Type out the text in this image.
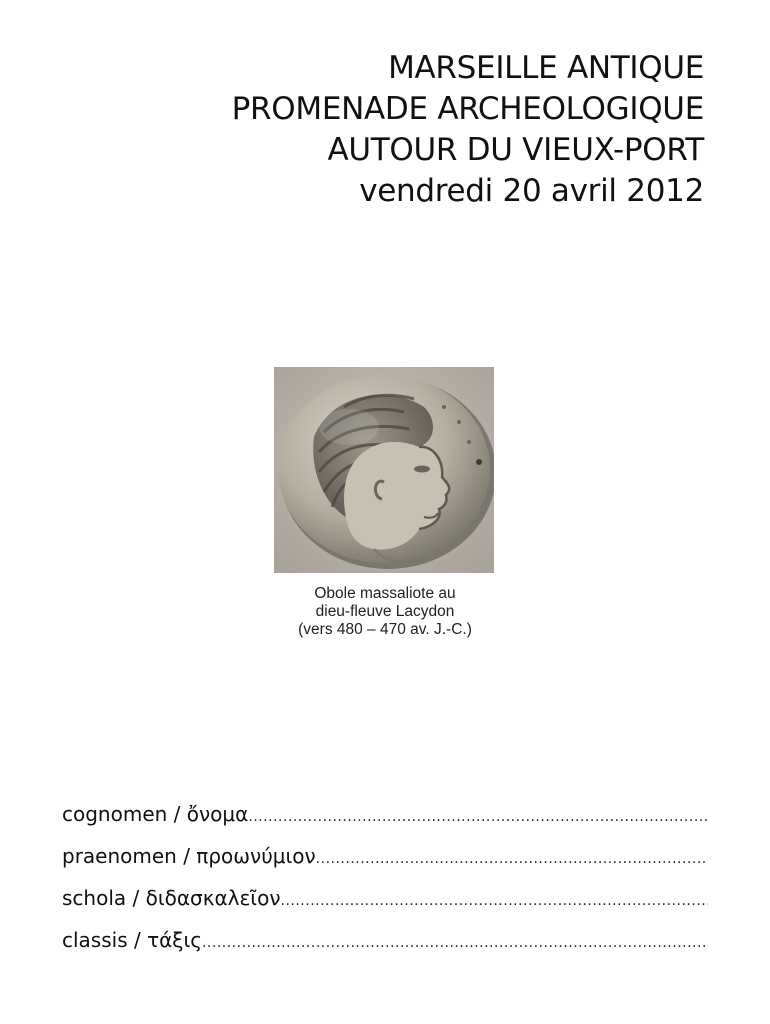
MARSEILLE ANTIQUE
PROMENADE ARCHEOLOGIQUE
AUTOUR DU VIEUX-PORT
vendredi 20 avril 2012
Obole massaliote au
dieu-fleuve Lacydon
(vers 480 – 470 av. J.-C.)
cognomen / ὄνομα
.....
praenomen / προωνύμιον
.....
schola / διδασκαλεῖον
.....
classis / τάξις
.....
